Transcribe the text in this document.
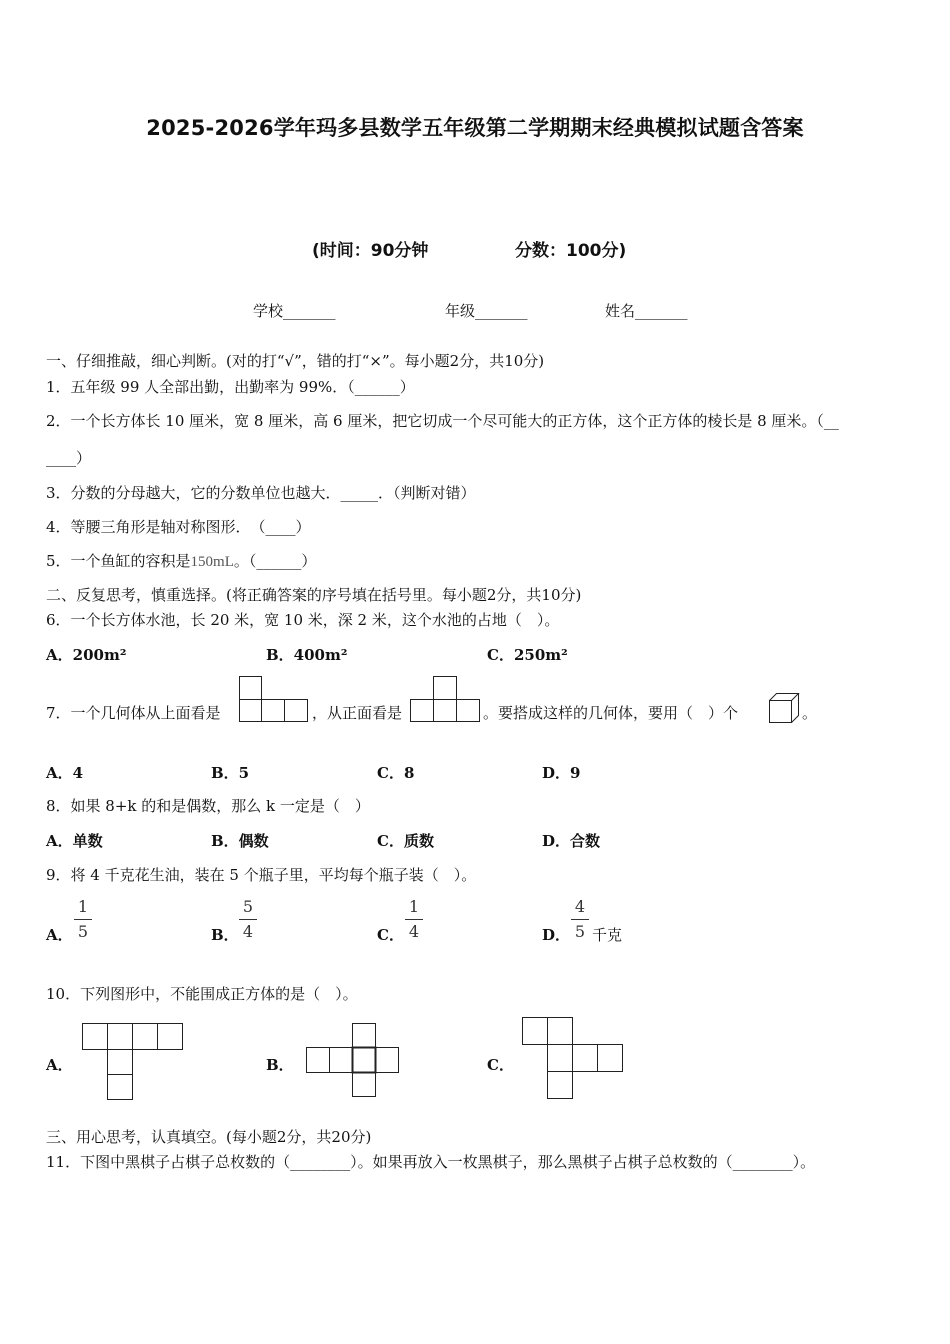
2025-2026学年玛多县数学五年级第二学期期末经典模拟试题含答案
(时间：90分钟	分数：100分)
学校_______	年级_______	姓名_______
一、仔细推敲，细心判断。(对的打“√”，错的打“×”。每小题2分，共10分)
1．五年级 99 人全部出勤，出勤率为 99%．（______）
2．一个长方体长 10 厘米，宽 8 厘米，高 6 厘米，把它切成一个尽可能大的正方体，这个正方体的棱长是 8 厘米。（__
____）
3．分数的分母越大，它的分数单位也越大．_____．（判断对错）
4．等腰三角形是轴对称图形．　（____）
5．一个鱼缸的容积是150mL。（______）
二、反复思考，慎重选择。(将正确答案的序号填在括号里。每小题2分，共10分)
6．一个长方体水池，长 20 米，宽 10 米，深 2 米，这个水池的占地（　）。
A．200m²	B．400m²	C．250m²
7．一个几何体从上面看是	，从正面看是	。要搭成这样的几何体，要用（　）个	。
A．4	B．5	C．8	D．9
8．如果 8+k 的和是偶数，那么 k 一定是（　）
A．单数	B．偶数	C．质数	D．合数
9．将 4 千克花生油，装在 5 个瓶子里，平均每个瓶子装（　）。
A．
1
5	B．
5
4	C．
1
4	D．
4
5 千克
10．下列图形中，不能围成正方体的是（　）。
A．	B．	C．
三、用心思考，认真填空。(每小题2分，共20分)
11．下图中黑棋子占棋子总枚数的（________）。如果再放入一枚黑棋子，那么黑棋子占棋子总枚数的（________）。
